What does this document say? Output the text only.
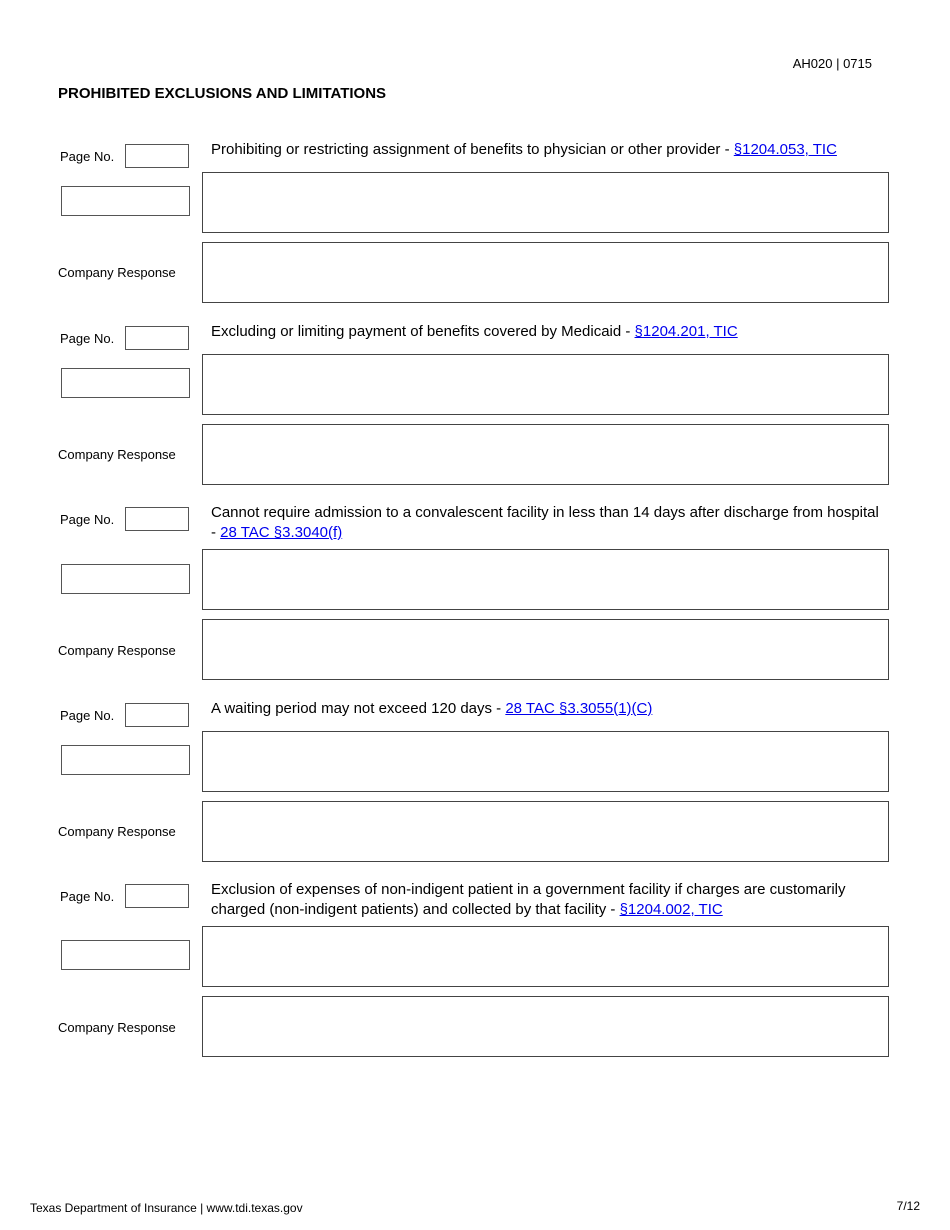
AH020 | 0715
PROHIBITED EXCLUSIONS AND LIMITATIONS
Page No.	Prohibiting or restricting assignment of benefits to physician or other provider - §1204.053, TIC
Company Response
Page No.	Excluding or limiting payment of benefits covered by Medicaid - §1204.201, TIC
Company Response
Page No.	Cannot require admission to a convalescent facility in less than 14 days after discharge from hospital - 28 TAC §3.3040(f)
Company Response
Page No.	A waiting period may not exceed 120 days - 28 TAC §3.3055(1)(C)
Company Response
Page No.	Exclusion of expenses of non-indigent patient in a government facility if charges are customarily charged (non-indigent patients) and collected by that facility - §1204.002, TIC
Company Response
Texas Department of Insurance | www.tdi.texas.gov	7/12
